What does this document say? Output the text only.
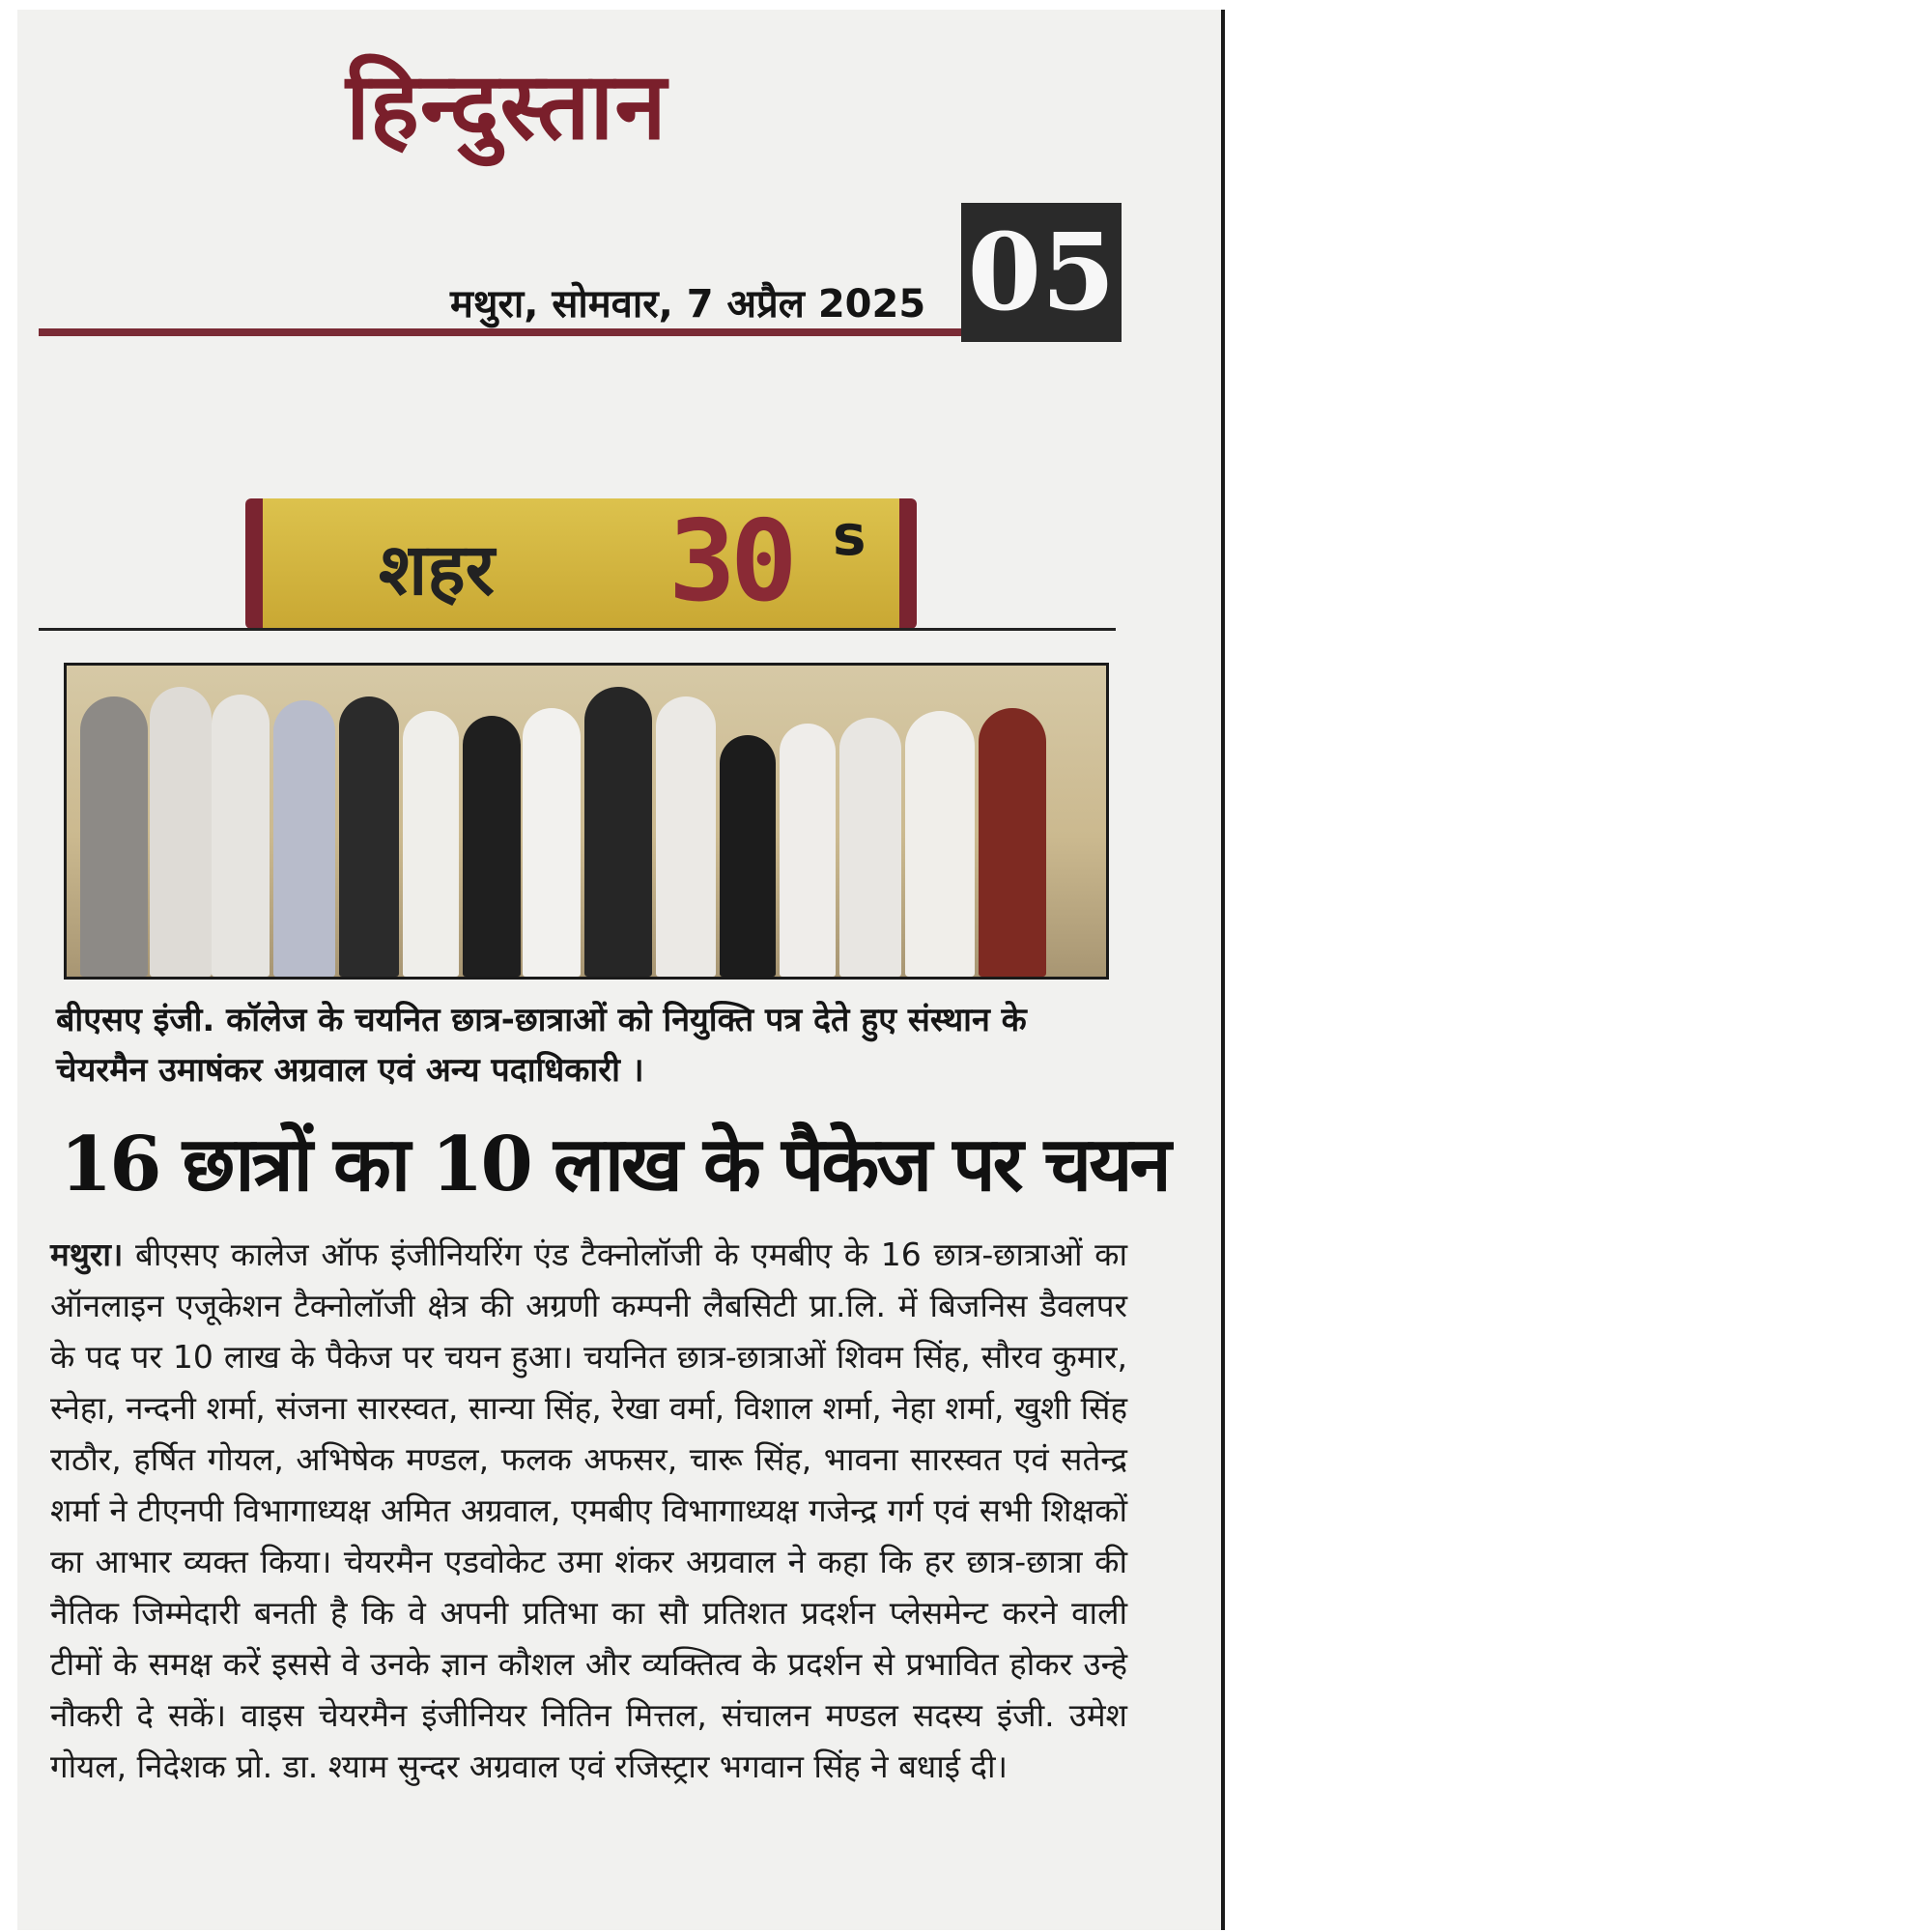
हिन्दुस्तान
मथुरा, सोमवार, 7 अप्रैल 2025 05
शहर 30 s
बीएसए इंजी. कॉलेज के चयनित छात्र-छात्राओं को नियुक्ति पत्र देते हुए संस्थान के चेयरमैन उमाषंकर अग्रवाल एवं अन्य पदाधिकारी ।
16 छात्रों का 10 लाख के पैकेज पर चयन
मथुरा। बीएसए कालेज ऑफ इंजीनियरिंग एंड टैक्नोलॉजी के एमबीए के 16 छात्र-छात्राओं का ऑनलाइन एजूकेशन टैक्नोलॉजी क्षेत्र की अग्रणी कम्पनी लैबसिटी प्रा.लि. में बिजनिस डैवलपर के पद पर 10 लाख के पैकेज पर चयन हुआ। चयनित छात्र-छात्राओं शिवम सिंह, सौरव कुमार, स्नेहा, नन्दनी शर्मा, संजना सारस्वत, सान्या सिंह, रेखा वर्मा, विशाल शर्मा, नेहा शर्मा, खुशी सिंह राठौर, हर्षित गोयल, अभिषेक मण्डल, फलक अफसर, चारू सिंह, भावना सारस्वत एवं सतेन्द्र शर्मा ने टीएनपी विभागाध्यक्ष अमित अग्रवाल, एमबीए विभागाध्यक्ष गजेन्द्र गर्ग एवं सभी शिक्षकों का आभार व्यक्त किया। चेयरमैन एडवोकेट उमा शंकर अग्रवाल ने कहा कि हर छात्र-छात्रा की नैतिक जिम्मेदारी बनती है कि वे अपनी प्रतिभा का सौ प्रतिशत प्रदर्शन प्लेसमेन्ट करने वाली टीमों के समक्ष करें इससे वे उनके ज्ञान कौशल और व्यक्तित्व के प्रदर्शन से प्रभावित होकर उन्हे नौकरी दे सकें। वाइस चेयरमैन इंजीनियर नितिन मित्तल, संचालन मण्डल सदस्य इंजी. उमेश गोयल, निदेशक प्रो. डा. श्याम सुन्दर अग्रवाल एवं रजिस्ट्रार भगवान सिंह ने बधाई दी।
